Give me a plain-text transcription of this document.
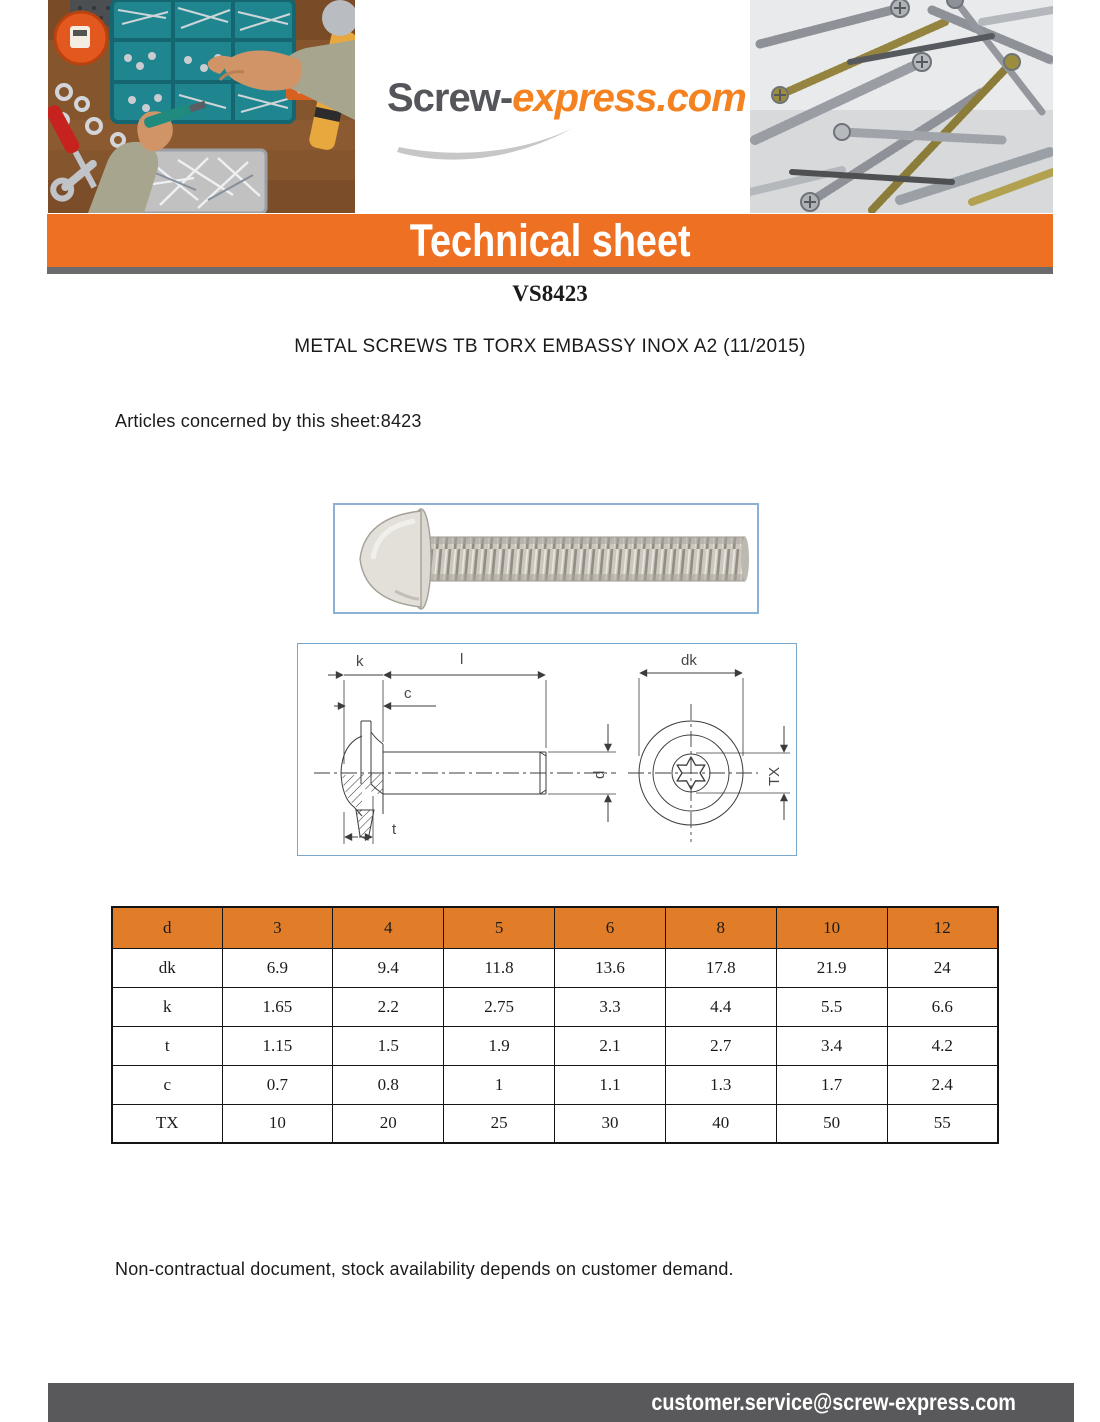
Screw-express.com
Technical sheet
VS8423
METAL SCREWS TB TORX EMBASSY INOX A2 (11/2015)
Articles concerned by this sheet:8423
k	l
c
d
t
dk
TX
d	3	4	5	6	8	10	12
dk	6.9	9.4	11.8	13.6	17.8	21.9	24
k	1.65	2.2	2.75	3.3	4.4	5.5	6.6
t	1.15	1.5	1.9	2.1	2.7	3.4	4.2
c	0.7	0.8	1	1.1	1.3	1.7	2.4
TX	10	20	25	30	40	50	55
Non-contractual document, stock availability depends on customer demand.
customer.service@screw-express.com
